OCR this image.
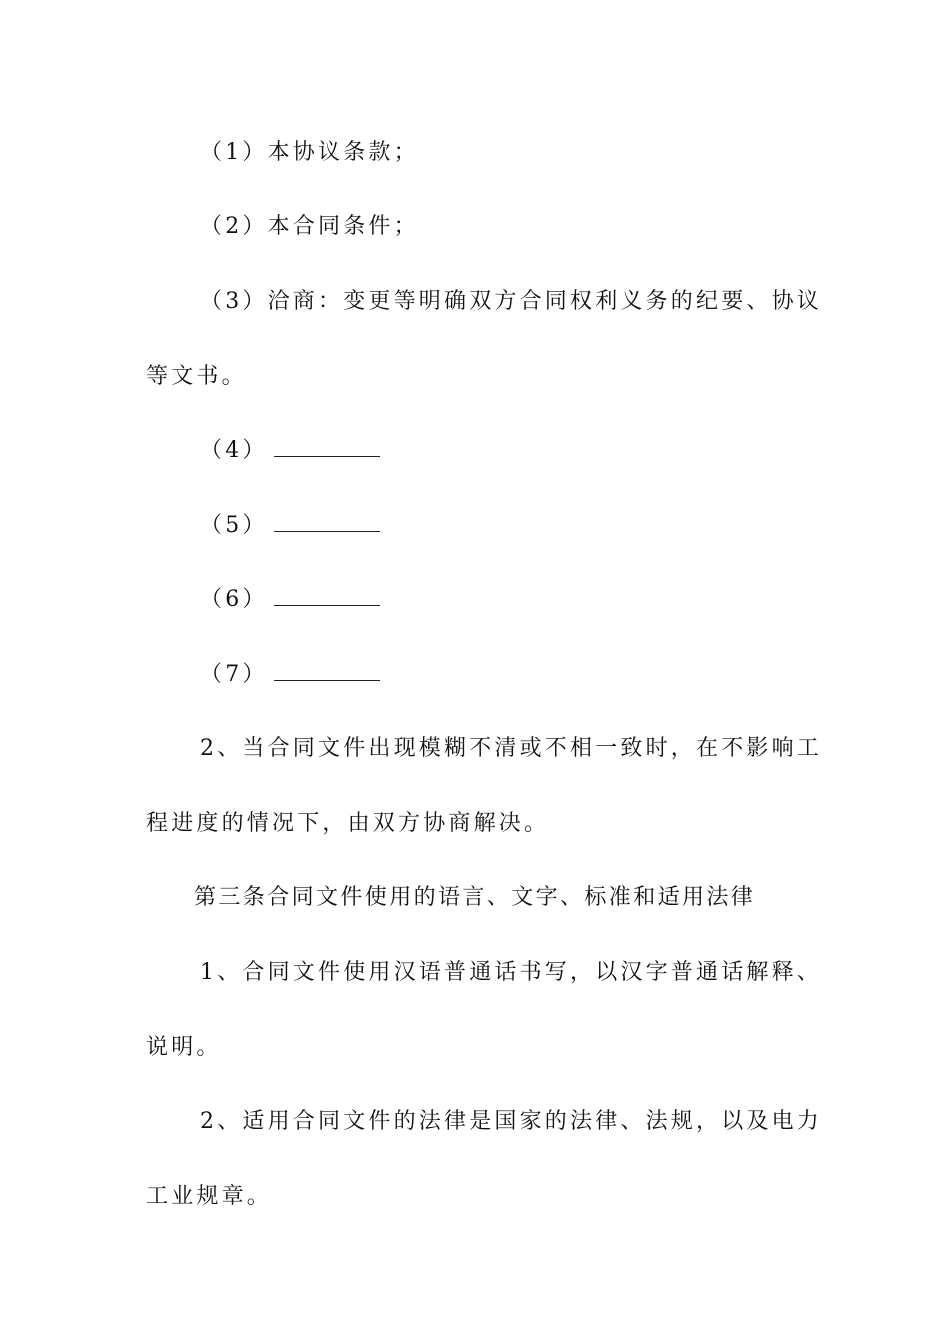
（1）本协议条款；
（2）本合同条件；
（3）洽商：变更等明确双方合同权利义务的纪要、协议
等文书。
（4）
（5）
（6）
（7）
2、当合同文件出现模糊不清或不相一致时，在不影响工
程进度的情况下，由双方协商解决。
第三条合同文件使用的语言、文字、标准和适用法律
1、合同文件使用汉语普通话书写，以汉字普通话解释、
说明。
2、适用合同文件的法律是国家的法律、法规，以及电力
工业规章。
